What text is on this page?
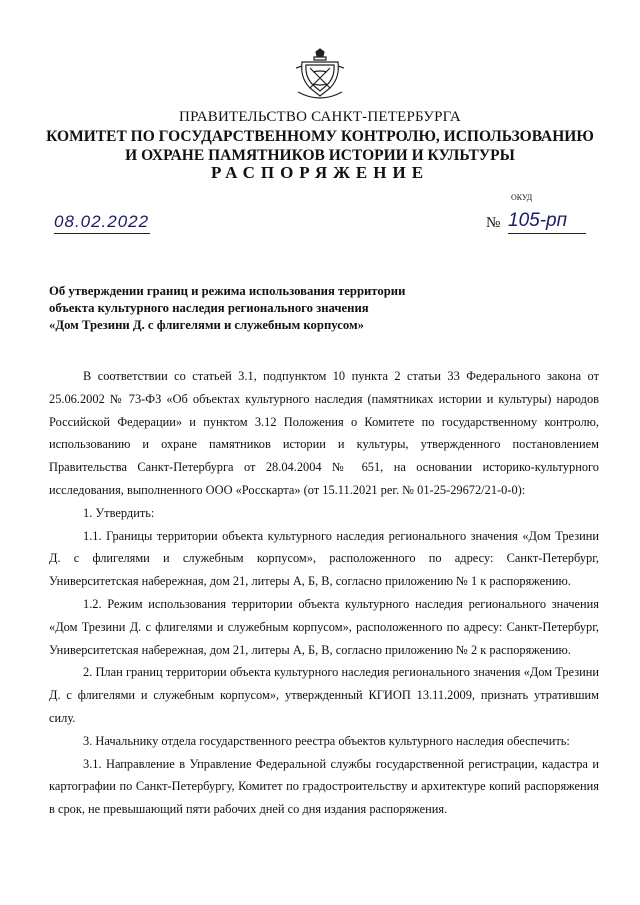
ПРАВИТЕЛЬСТВО САНКТ-ПЕТЕРБУРГА
КОМИТЕТ ПО ГОСУДАРСТВЕННОМУ КОНТРОЛЮ, ИСПОЛЬЗОВАНИЮ
И ОХРАНЕ ПАМЯТНИКОВ ИСТОРИИ И КУЛЬТУРЫ
РАСПОРЯЖЕНИЕ
ОКУД
08.02.2022	№ 105-рп
Об утверждении границ и режима использования территории
объекта культурного наследия регионального значения
«Дом Трезини Д. с флигелями и служебным корпусом»

В соответствии со статьей 3.1, подпунктом 10 пункта 2 статьи 33 Федерального закона от 25.06.2002 № 73-ФЗ «Об объектах культурного наследия (памятниках истории и культуры) народов Российской Федерации» и пунктом 3.12 Положения о Комитете по государственному контролю, использованию и охране памятников истории и культуры, утвержденного постановлением Правительства Санкт-Петербурга от 28.04.2004 № 651, на основании историко-культурного исследования, выполненного ООО «Росскарта» (от 15.11.2021 рег. № 01-25-29672/21-0-0):

1. Утвердить:

1.1. Границы территории объекта культурного наследия регионального значения «Дом Трезини Д. с флигелями и служебным корпусом», расположенного по адресу: Санкт-Петербург, Университетская набережная, дом 21, литеры А, Б, В, согласно приложению № 1 к распоряжению.

1.2. Режим использования территории объекта культурного наследия регионального значения «Дом Трезини Д. с флигелями и служебным корпусом», расположенного по адресу: Санкт-Петербург, Университетская набережная, дом 21, литеры А, Б, В, согласно приложению № 2 к распоряжению.

2. План границ территории объекта культурного наследия регионального значения «Дом Трезини Д. с флигелями и служебным корпусом», утвержденный КГИОП 13.11.2009, признать утратившим силу.

3. Начальнику отдела государственного реестра объектов культурного наследия обеспечить:

3.1. Направление в Управление Федеральной службы государственной регистрации, кадастра и картографии по Санкт-Петербургу, Комитет по градостроительству и архитектуре копий распоряжения в срок, не превышающий пяти рабочих дней со дня издания распоряжения.
